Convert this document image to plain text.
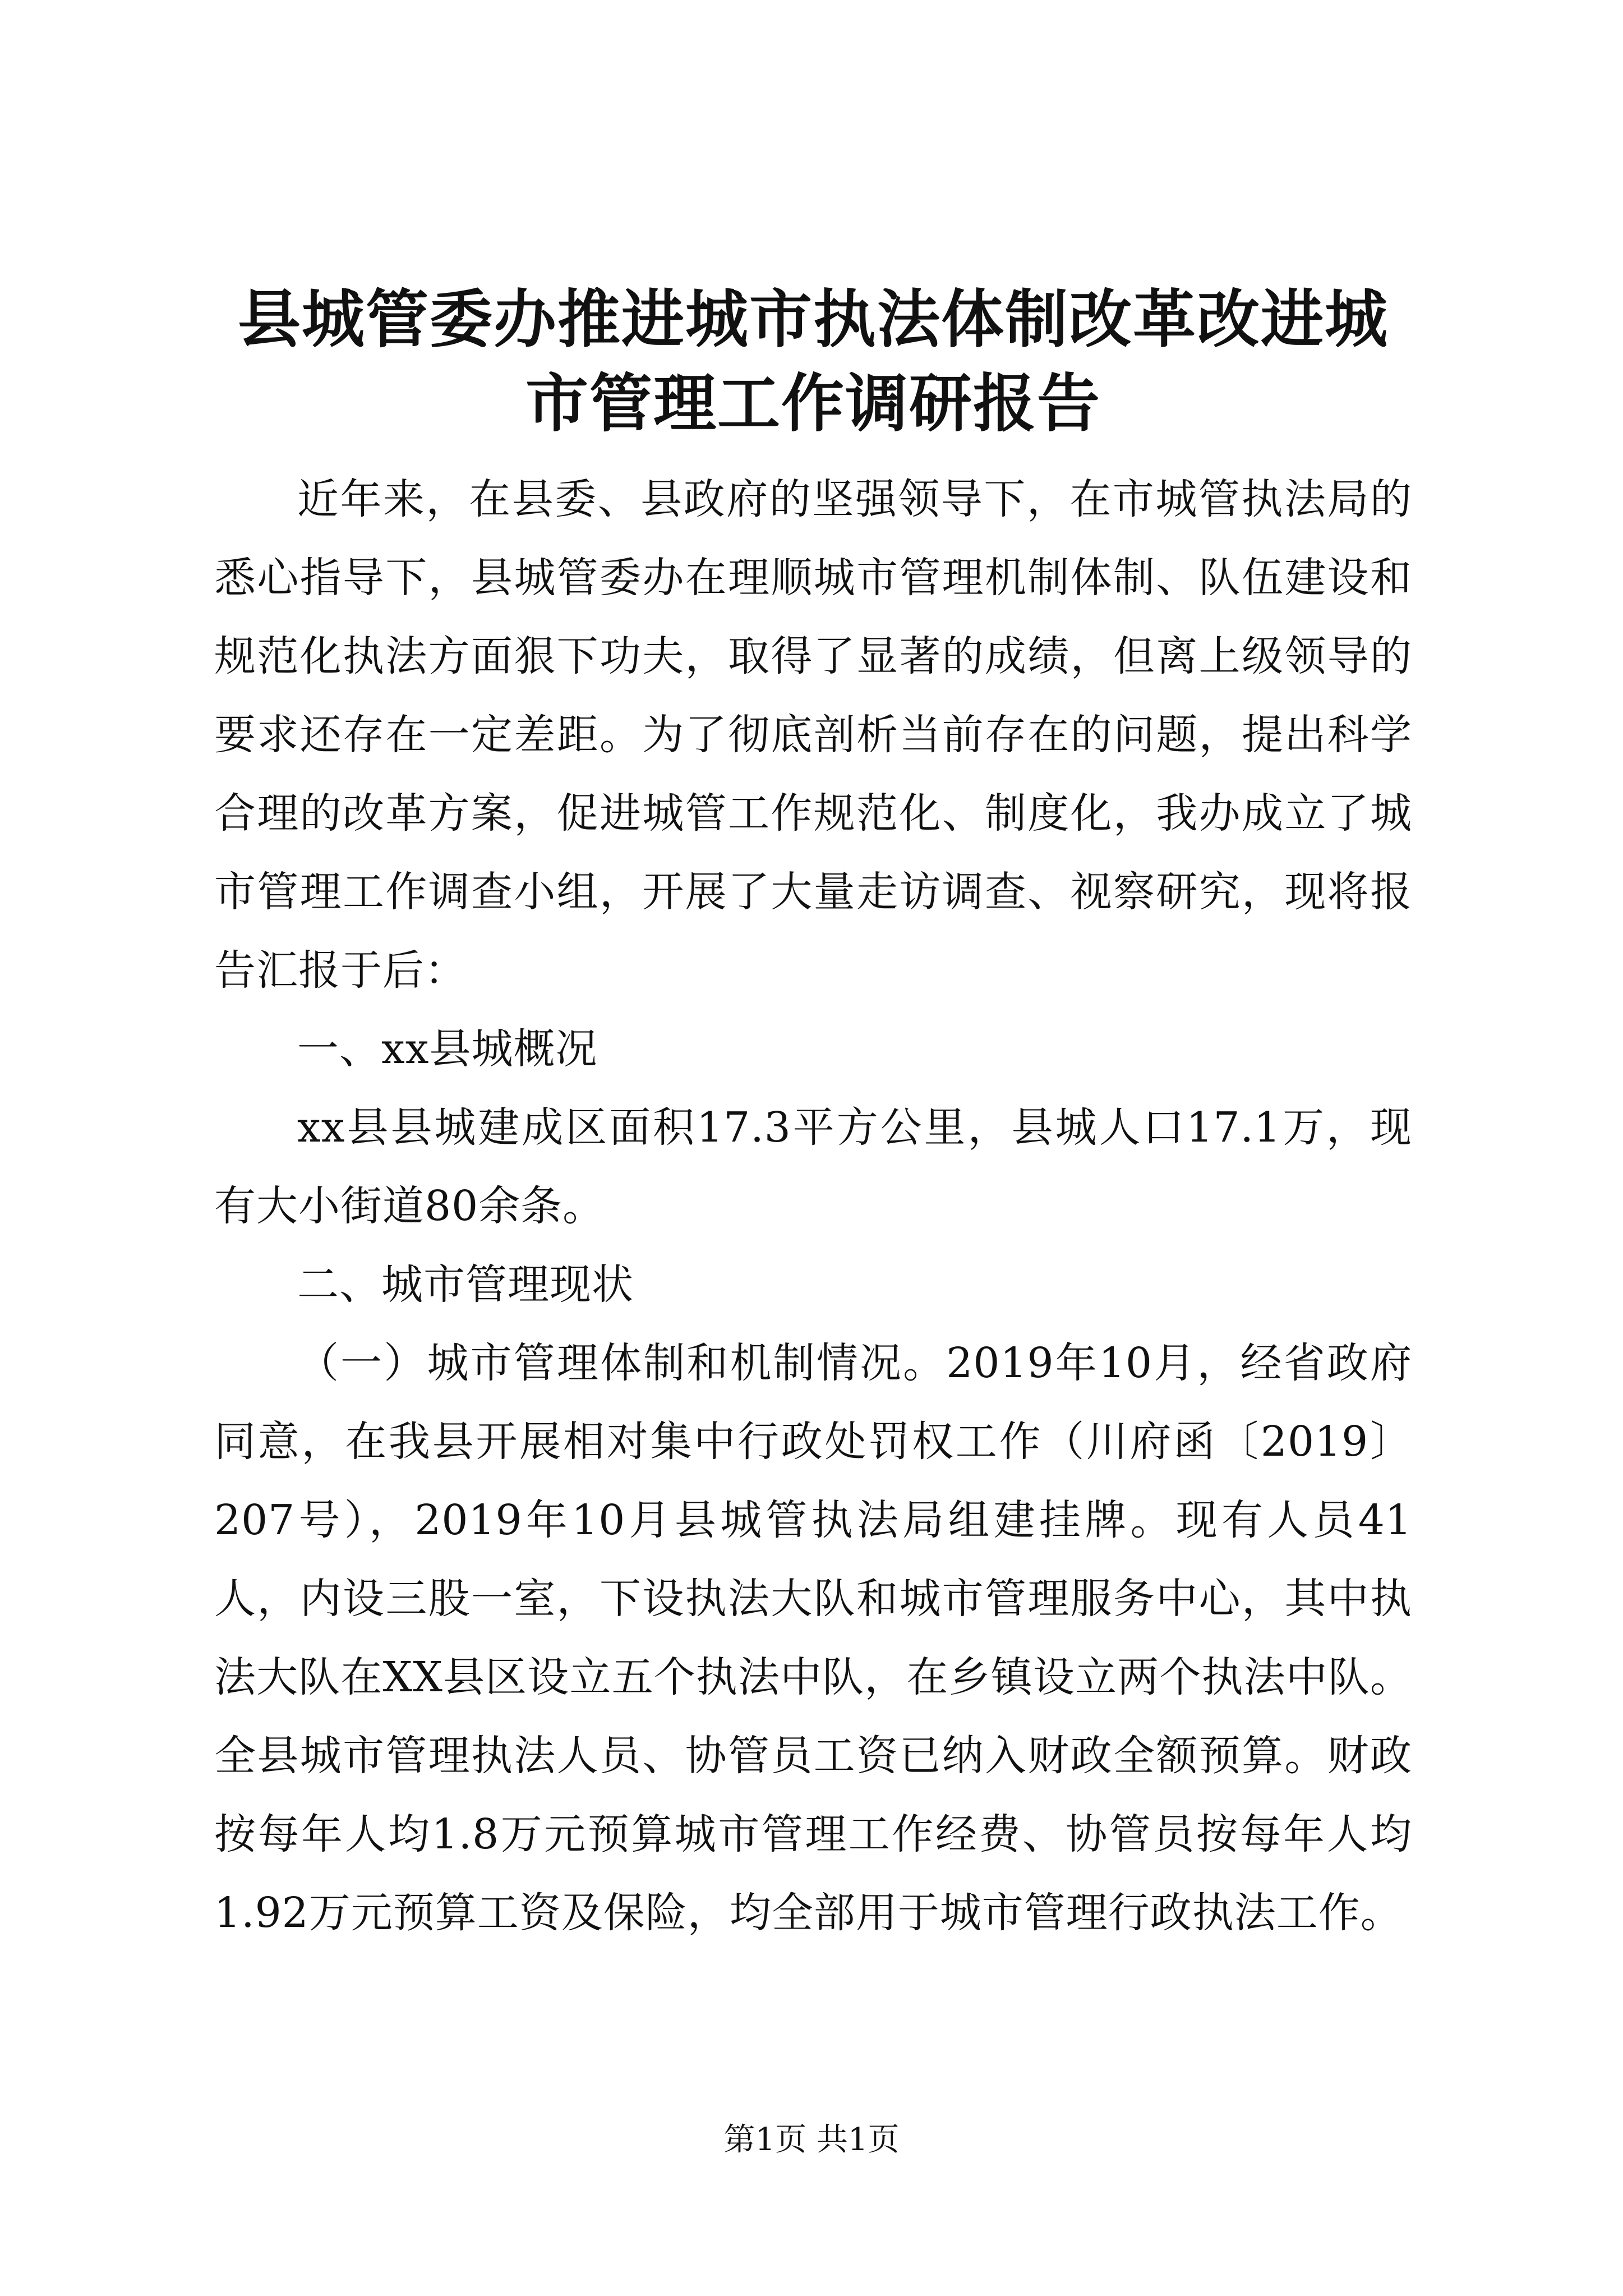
县城管委办推进城市执法体制改革改进城市管理工作调研报告

近年来，在县委、县政府的坚强领导下，在市城管执法局的悉心指导下，县城管委办在理顺城市管理机制体制、队伍建设和规范化执法方面狠下功夫，取得了显著的成绩，但离上级领导的要求还存在一定差距。为了彻底剖析当前存在的问题，提出科学合理的改革方案，促进城管工作规范化、制度化，我办成立了城市管理工作调查小组，开展了大量走访调查、视察研究，现将报告汇报于后：

一、xx县城概况

xx县县城建成区面积17.3平方公里，县城人口17.1万，现有大小街道80余条。

二、城市管理现状

（一）城市管理体制和机制情况。2019年10月，经省政府同意，在我县开展相对集中行政处罚权工作（川府函〔2019〕207号），2019年10月县城管执法局组建挂牌。现有人员41人，内设三股一室，下设执法大队和城市管理服务中心，其中执法大队在XX县区设立五个执法中队，在乡镇设立两个执法中队。全县城市管理执法人员、协管员工资已纳入财政全额预算。财政按每年人均1.8万元预算城市管理工作经费、协管员按每年人均1.92万元预算工资及保险，均全部用于城市管理行政执法工作。

第1页 共1页
